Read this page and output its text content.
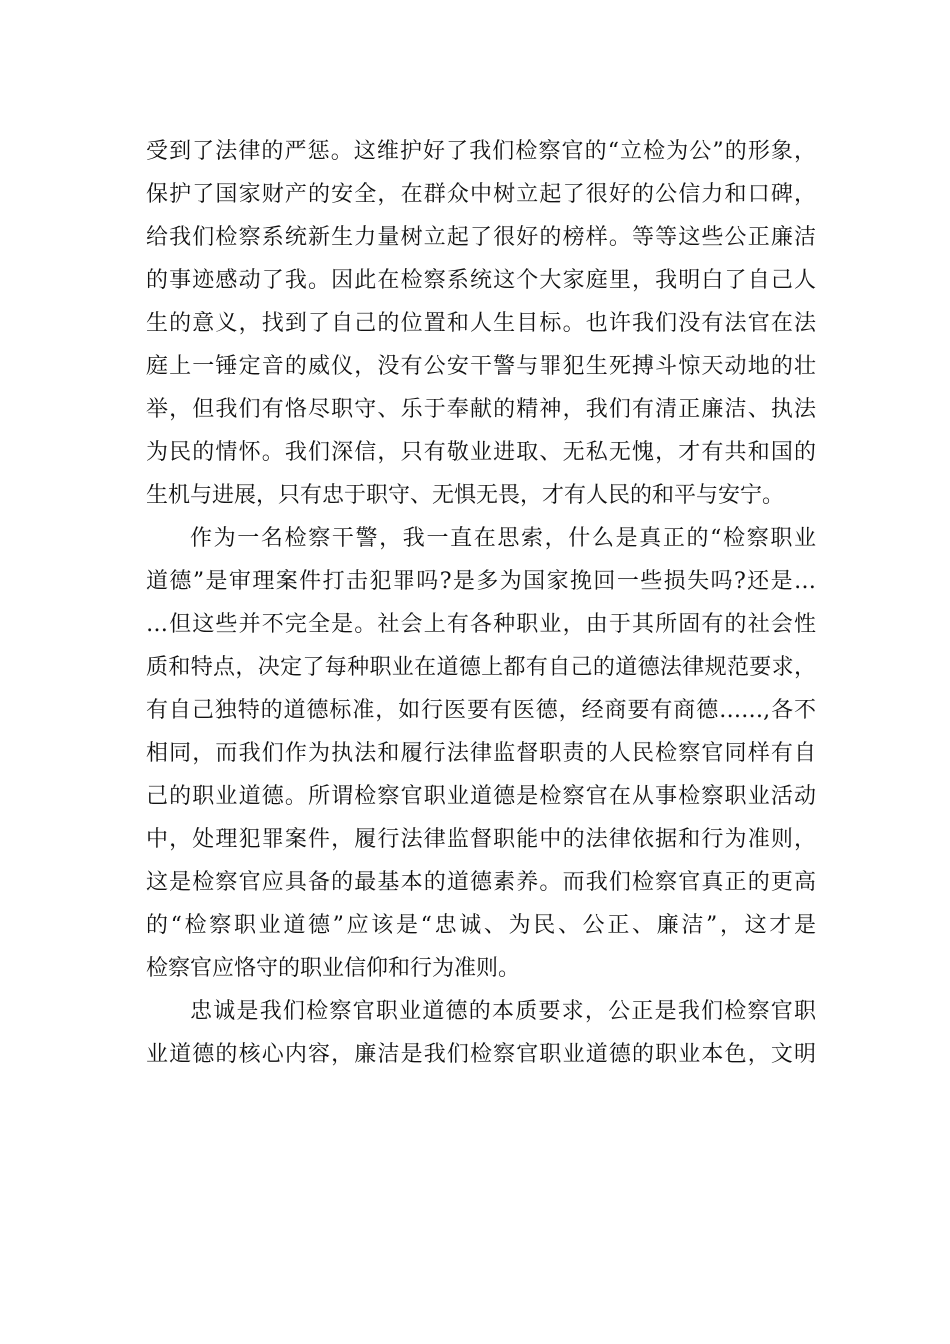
受到了法律的严惩。这维护好了我们检察官的“立检为公”的形象，
保护了国家财产的安全，在群众中树立起了很好的公信力和口碑，
给我们检察系统新生力量树立起了很好的榜样。等等这些公正廉洁
的事迹感动了我。因此在检察系统这个大家庭里，我明白了自己人
生的意义，找到了自己的位置和人生目标。也许我们没有法官在法
庭上一锤定音的威仪，没有公安干警与罪犯生死搏斗惊天动地的壮
举，但我们有恪尽职守、乐于奉献的精神，我们有清正廉洁、执法
为民的情怀。我们深信，只有敬业进取、无私无愧，才有共和国的
生机与进展，只有忠于职守、无惧无畏，才有人民的和平与安宁。
作为一名检察干警，我一直在思索，什么是真正的“检察职业
道德”是审理案件打击犯罪吗?是多为国家挽回一些损失吗?还是…
…但这些并不完全是。社会上有各种职业，由于其所固有的社会性
质和特点，决定了每种职业在道德上都有自己的道德法律规范要求，
有自己独特的道德标准，如行医要有医德，经商要有商德……,各不
相同，而我们作为执法和履行法律监督职责的人民检察官同样有自
己的职业道德。所谓检察官职业道德是检察官在从事检察职业活动
中，处理犯罪案件，履行法律监督职能中的法律依据和行为准则，
这是检察官应具备的最基本的道德素养。而我们检察官真正的更高
的“检察职业道德”应该是“忠诚、为民、公正、廉洁”，这才是
检察官应恪守的职业信仰和行为准则。
忠诚是我们检察官职业道德的本质要求，公正是我们检察官职
业道德的核心内容，廉洁是我们检察官职业道德的职业本色，文明
